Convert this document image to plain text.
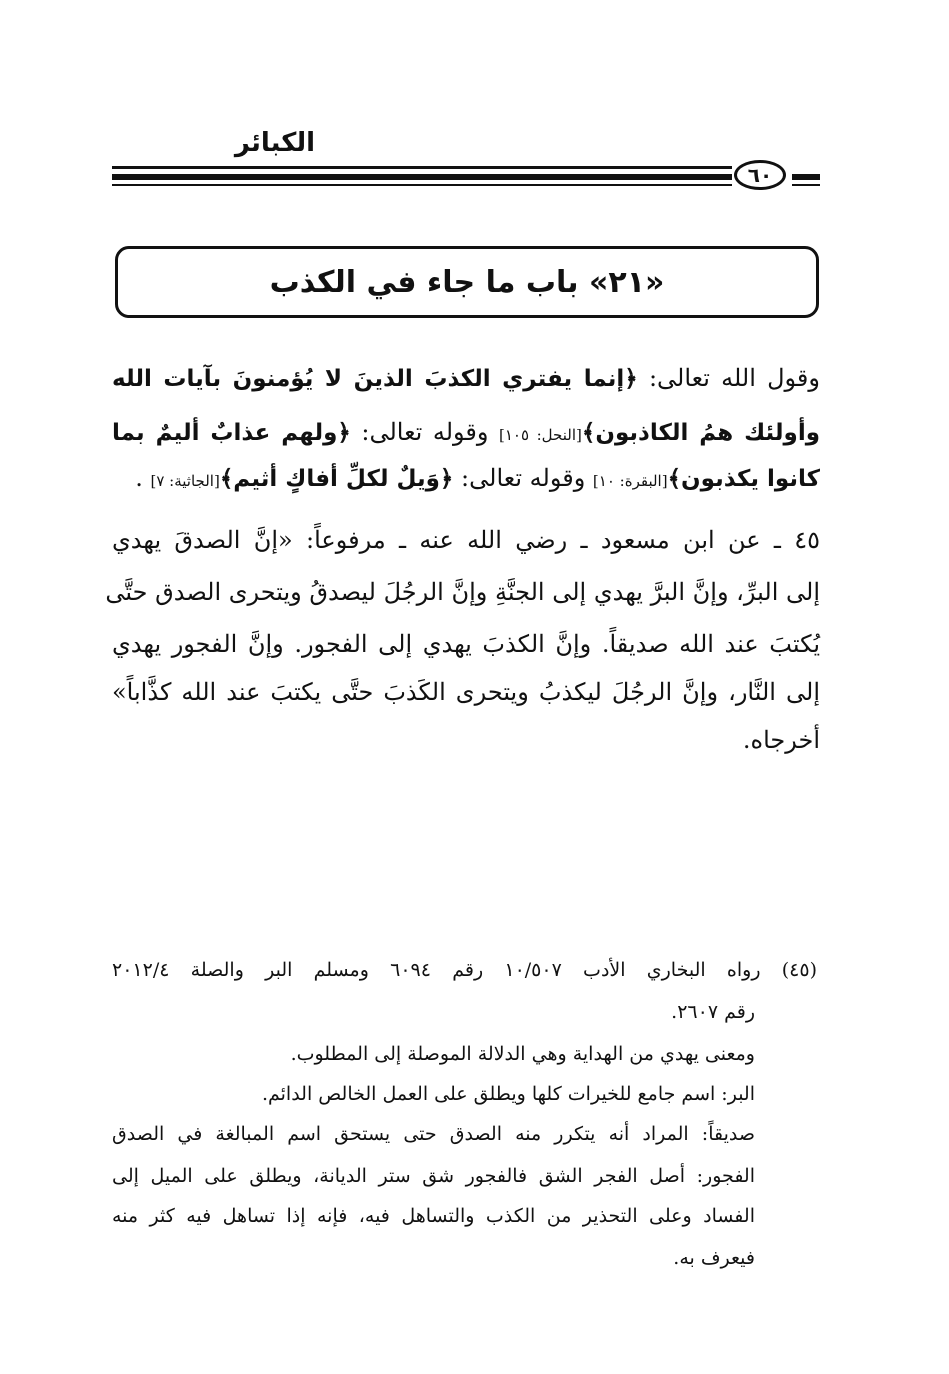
الكبائر
٦٠
«٢١» باب ما جاء في الكذب
وقول الله تعالى: ﴿إنما يفتري الكذبَ الذينَ لا يُؤمنونَ بآيات الله
وأولئك همُ الكاذبون﴾[النحل: ١٠٥] وقوله تعالى: ﴿ولهم عذابٌ أليمٌ بما
كانوا يكذبون﴾[البقرة: ١٠] وقوله تعالى: ﴿وَيلٌ لكلِّ أفاكٍ أثيم﴾[الجاثية: ٧] .
٤٥ ـ عن ابن مسعود ـ رضي الله عنه ـ مرفوعاً: «إنَّ الصدقَ يهدي
إلى البرِّ، وإنَّ البرَّ يهدي إلى الجنَّةِ وإنَّ الرجُلَ ليصدقُ ويتحرى الصدق حتَّى
يُكتبَ عند الله صديقاً. وإنَّ الكذبَ يهدي إلى الفجور. وإنَّ الفجور يهدي
إلى النَّار، وإنَّ الرجُلَ ليكذبُ ويتحرى الكَذبَ حتَّى يكتبَ عند الله كذَّاباً»
أخرجاه.
(٤٥) رواه البخاري الأدب ١٠/٥٠٧ رقم ٦٠٩٤ ومسلم البر والصلة ٢٠١٢/٤
رقم ٢٦٠٧.
ومعنى يهدي من الهداية وهي الدلالة الموصلة إلى المطلوب.
البر: اسم جامع للخيرات كلها ويطلق على العمل الخالص الدائم.
صديقاً: المراد أنه يتكرر منه الصدق حتى يستحق اسم المبالغة في الصدق
الفجور: أصل الفجر الشق فالفجور شق ستر الديانة، ويطلق على الميل إلى
الفساد وعلى التحذير من الكذب والتساهل فيه، فإنه إذا تساهل فيه كثر منه
فيعرف به.
